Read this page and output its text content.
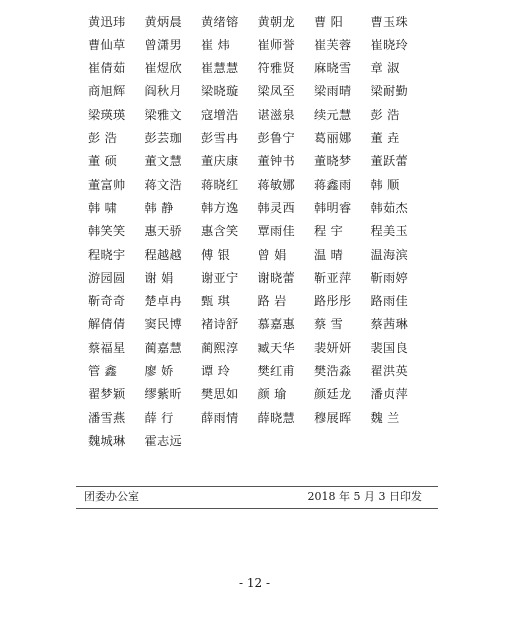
黄迅玮	黄炳晨	黄绪镕	黄朝龙	曹 阳	曹玉珠
曹仙草	曾潇男	崔 炜	崔师誉	崔芙蓉	崔晓玲
崔倩茹	崔煜欣	崔慧慧	符雅贤	麻晓雪	章 淑
商旭辉	阎秋月	梁晓璇	梁凤至	梁雨晴	梁耐勤
梁瑛瑛	梁雅文	寇增浩	谌滋泉	续元慧	彭 浩
彭 浩	彭芸珈	彭雪冉	彭鲁宁	葛丽娜	董 垚
董 硕	董文慧	董庆康	董钟书	董晓梦	董跃蕾
董富帅	蒋文浩	蒋晓红	蒋敏娜	蒋鑫雨	韩 顺
韩 啸	韩 静	韩方逸	韩灵西	韩明睿	韩茹杰
韩笑笑	惠天骄	惠含笑	覃雨佳	程 宇	程美玉
程晓宇	程越越	傅 银	曾 娟	温 晴	温海滨
游园圆	谢 娟	谢亚宁	谢晓蕾	靳亚萍	靳雨婷
靳奇奇	楚卓冉	甄 琪	路 岩	路彤彤	路雨佳
解倩倩	窦民博	褚诗舒	慕嘉惠	蔡 雪	蔡茜琳
蔡福星	蔺嘉慧	蔺熙淳	臧天华	裴妍妍	裴国良
管 鑫	廖 娇	谭 玲	樊红甫	樊浩淼	翟洪英
翟梦颖	缪紫昕	樊思如	颜 瑜	颜廷龙	潘贞萍
潘雪燕	薛 行	薛雨情	薛晓慧	穆展晖	魏 兰
魏城琳	霍志远
团委办公室	2018 年 5 月 3 日印发
- 12 -
